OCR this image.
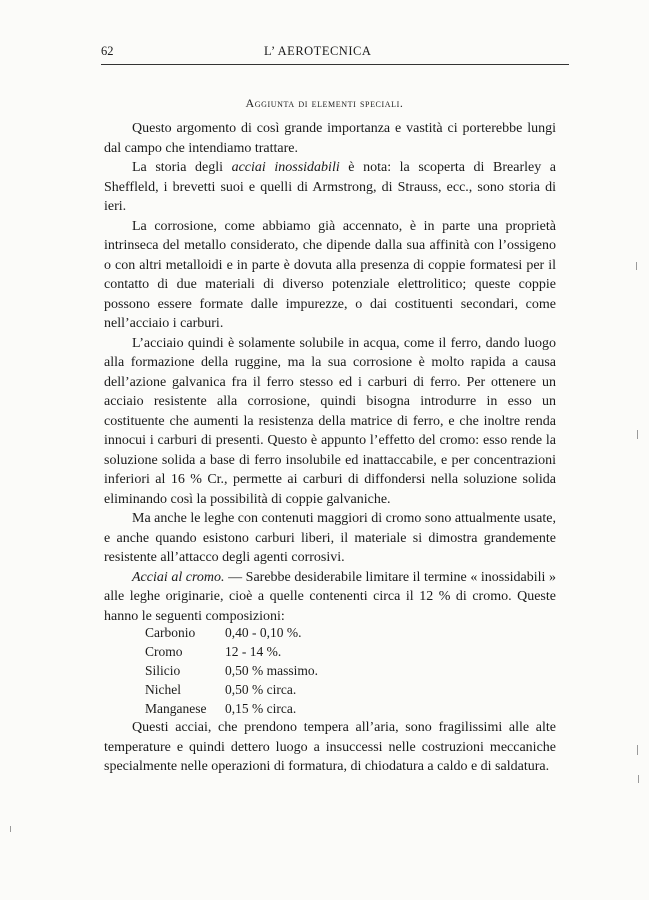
62	L’ AEROTECNICA
Aggiunta di elementi speciali.

Questo argomento di così grande importanza e vastità ci porterebbe lungi dal campo che intendiamo trattare.

La storia degli acciai inossidabili è nota: la scoperta di Brearley a Sheffleld, i brevetti suoi e quelli di Armstrong, di Strauss, ecc., sono storia di ieri.

La corrosione, come abbiamo già accennato, è in parte una proprietà intrinseca del metallo considerato, che dipende dalla sua affinità con l’ossigeno o con altri metalloidi e in parte è dovuta alla presenza di coppie formatesi per il contatto di due materiali di diverso potenziale elettrolitico; queste coppie possono essere formate dalle impurezze, o dai costituenti secondari, come nell’acciaio i carburi.

L’acciaio quindi è solamente solubile in acqua, come il ferro, dando luogo alla formazione della ruggine, ma la sua corrosione è molto rapida a causa dell’azione galvanica fra il ferro stesso ed i carburi di ferro. Per ottenere un acciaio resistente alla corrosione, quindi bisogna introdurre in esso un costituente che aumenti la resistenza della matrice di ferro, e che inoltre renda innocui i carburi di presenti. Questo è appunto l’effetto del cromo: esso rende la soluzione solida a base di ferro insolubile ed inattaccabile, e per concentrazioni inferiori al 16 % Cr., permette ai carburi di diffondersi nella soluzione solida eliminando così la possibilità di coppie galvaniche.

Ma anche le leghe con contenuti maggiori di cromo sono attualmente usate, e anche quando esistono carburi liberi, il materiale si dimostra grandemente resistente all’attacco degli agenti corrosivi.

Acciai al cromo. — Sarebbe desiderabile limitare il termine « inossidabili » alle leghe originarie, cioè a quelle contenenti circa il 12 % di cromo. Queste hanno le seguenti composizioni:

Carbonio	0,40 - 0,10 %.
Cromo	12 - 14 %.
Silicio	0,50 % massimo.
Nichel	0,50 % circa.
Manganese	0,15 % circa.

Questi acciai, che prendono tempera all’aria, sono fragilissimi alle alte temperature e quindi dettero luogo a insuccessi nelle costruzioni meccaniche specialmente nelle operazioni di formatura, di chiodatura a caldo e di saldatura.
